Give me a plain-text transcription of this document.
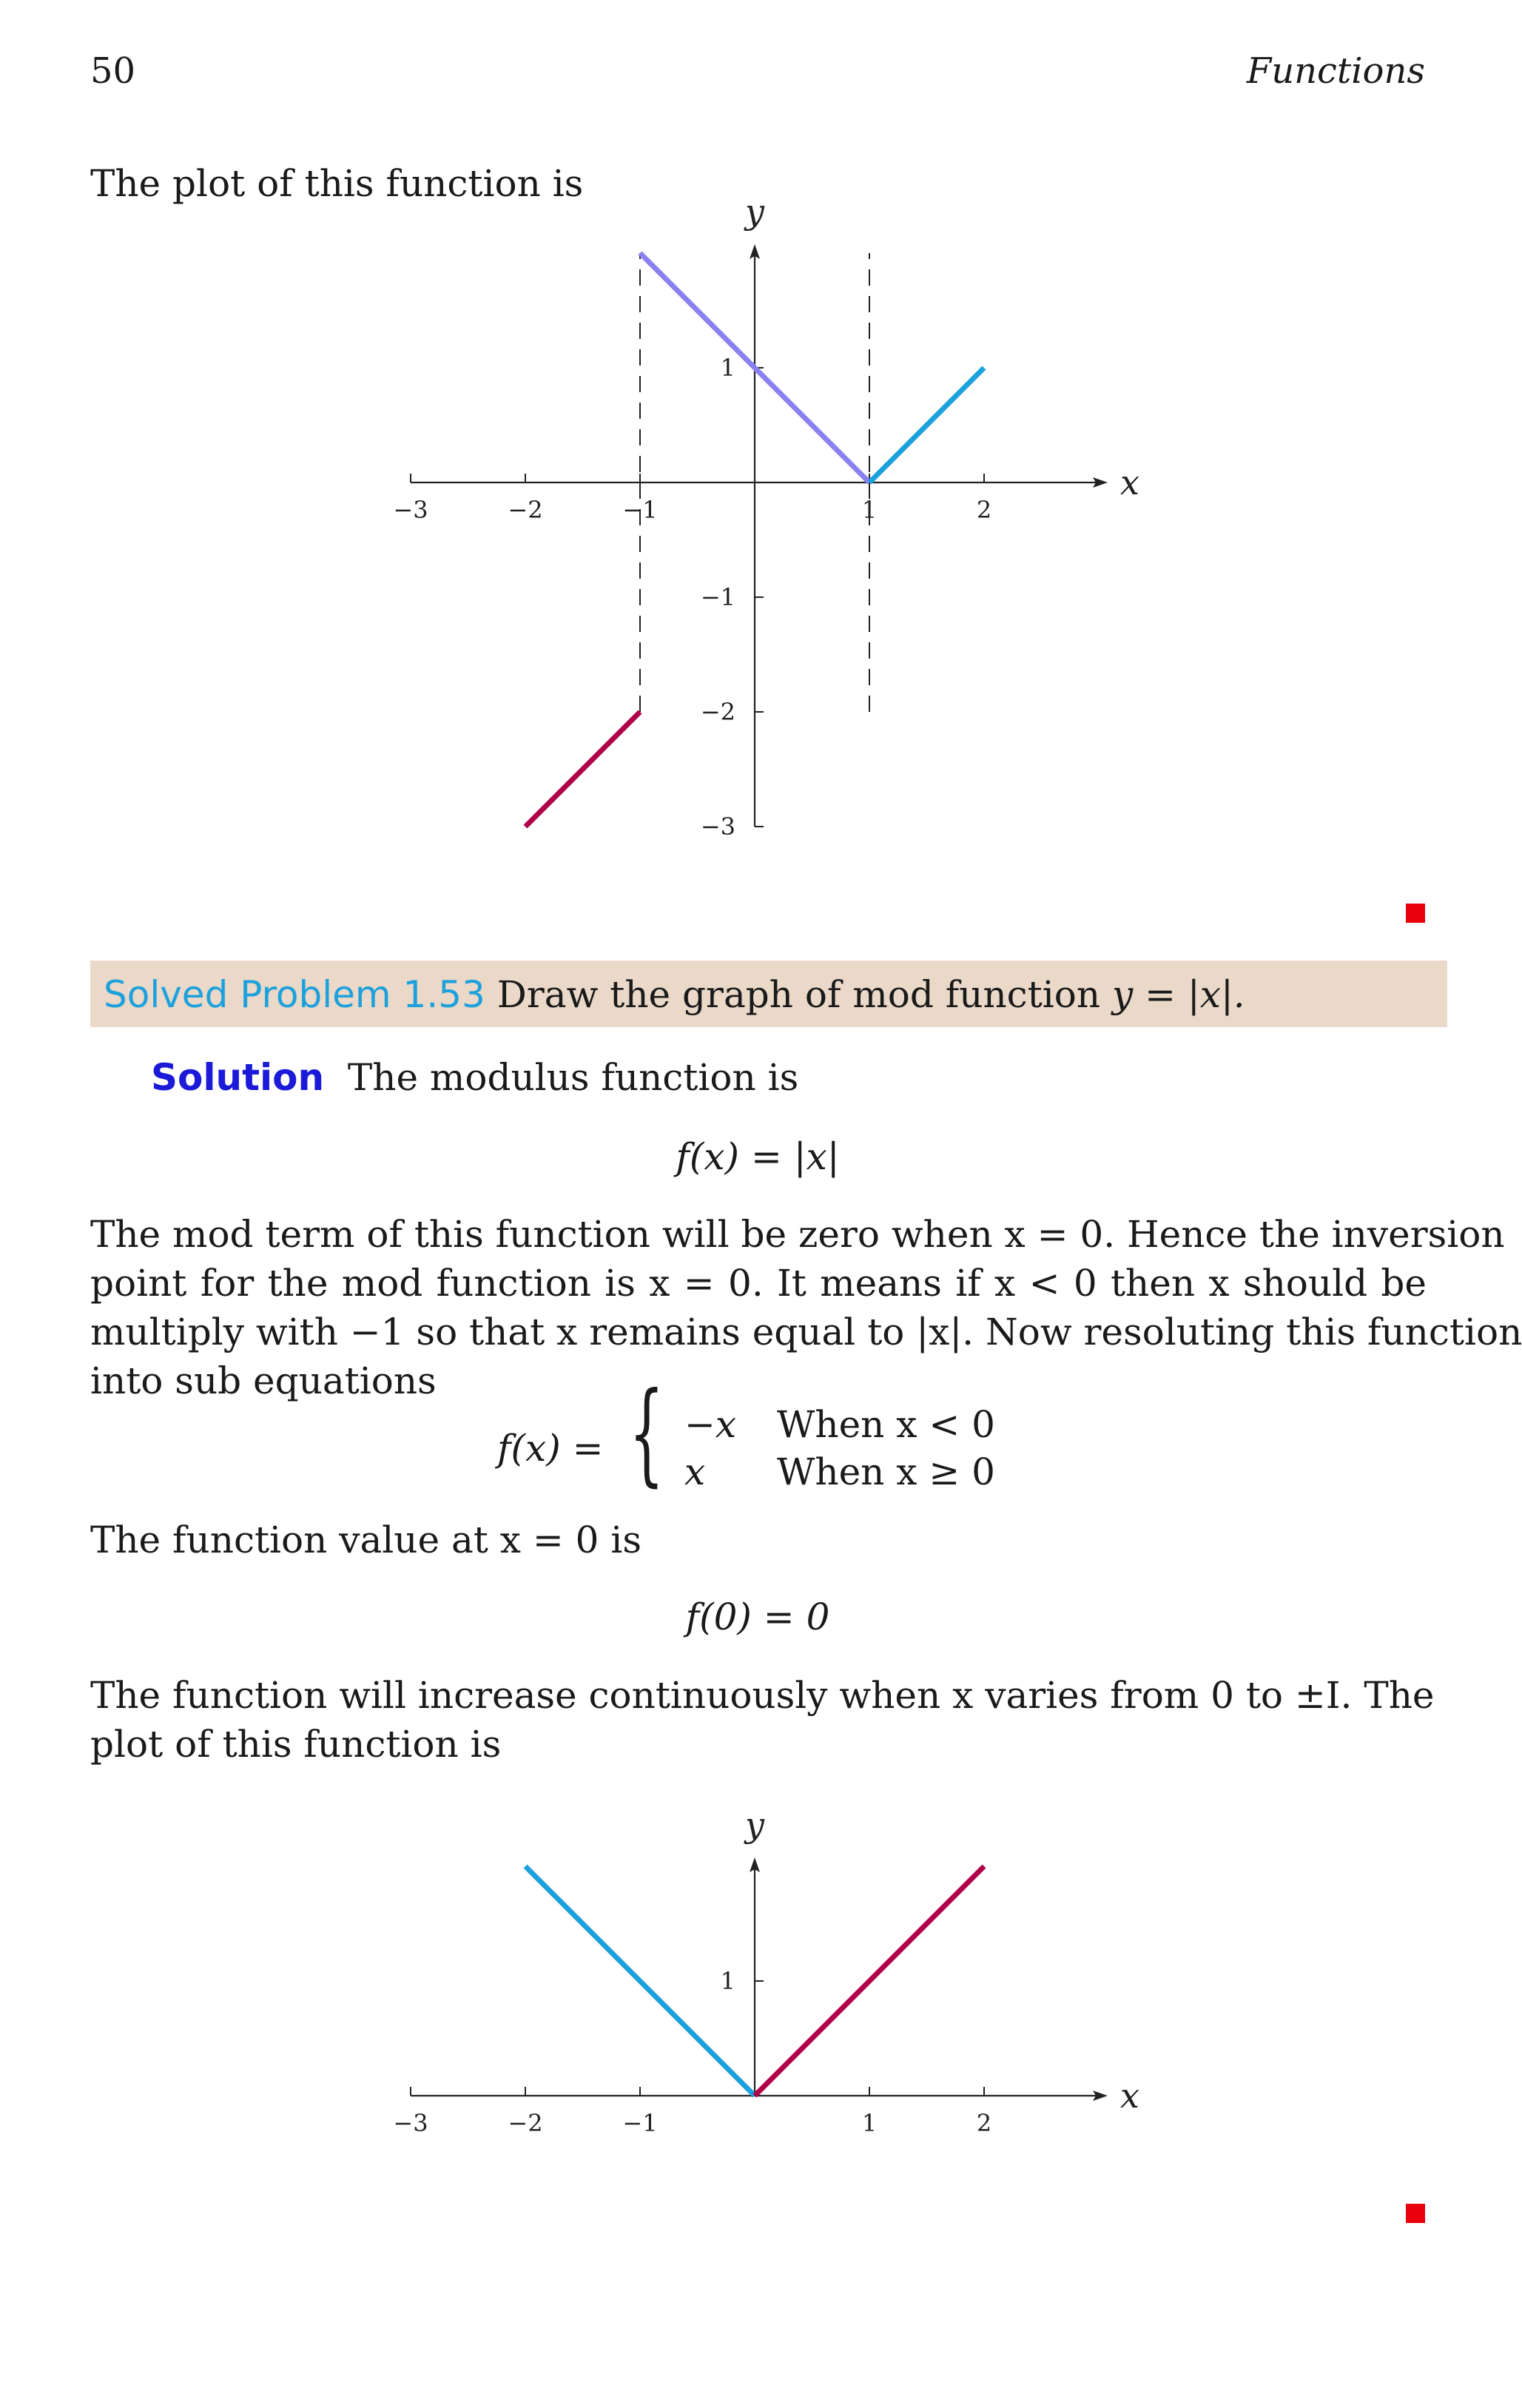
50	Functions
The plot of this function is
x
y
−3	−2	−1	1	2
1
−1
−2
−3
Solved Problem 1.53 Draw the graph of mod function y = |x|.
Solution The modulus function is
f(x) = |x|
The mod term of this function will be zero when x = 0. Hence the inversion
point for the mod function is x = 0. It means if x < 0 then x should be
multiply with −1 so that x remains equal to |x|. Now resoluting this function
into sub equations
f(x) = { −x When x < 0
x When x ≥ 0
The function value at x = 0 is
f(0) = 0
The function will increase continuously when x varies from 0 to ±I. The
plot of this function is
x
y
−3	−2	−1	1	2
1
